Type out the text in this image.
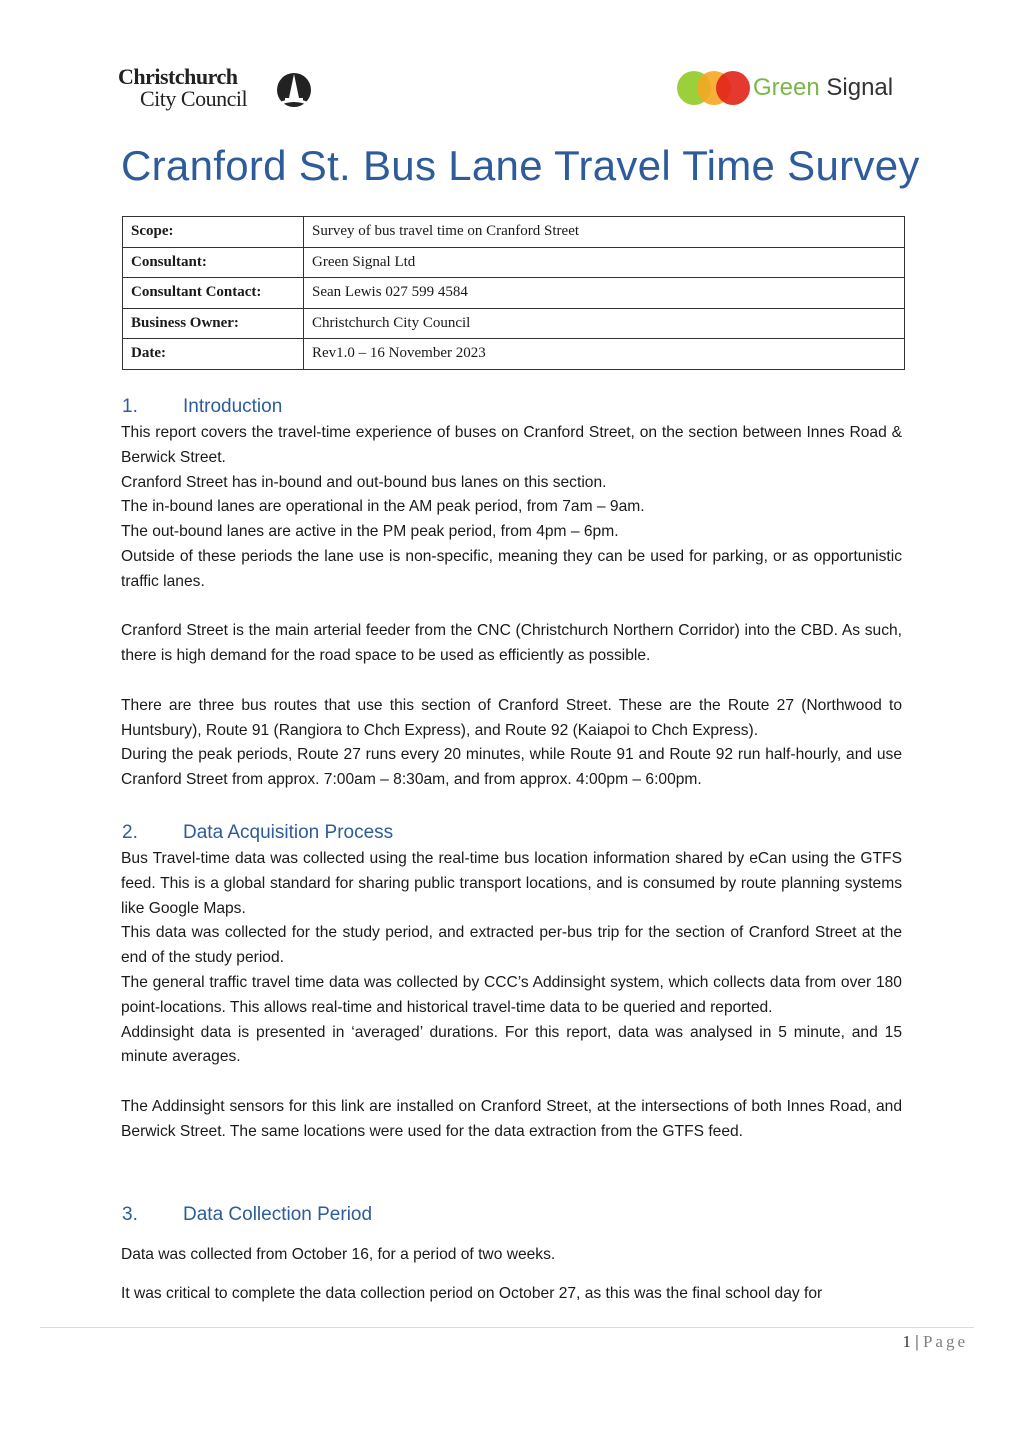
Christchurch
City Council	Green Signal
Cranford St. Bus Lane Travel Time Survey
Scope:	Survey of bus travel time on Cranford Street
Consultant:	Green Signal Ltd
Consultant Contact:	Sean Lewis 027 599 4584
Business Owner:	Christchurch City Council
Date:	Rev1.0 – 16 November 2023
1. Introduction

This report covers the travel-time experience of buses on Cranford Street, on the section between Innes Road & Berwick Street.

Cranford Street has in-bound and out-bound bus lanes on this section.

The in-bound lanes are operational in the AM peak period, from 7am – 9am.

The out-bound lanes are active in the PM peak period, from 4pm – 6pm.

Outside of these periods the lane use is non-specific, meaning they can be used for parking, or as opportunistic traffic lanes.

Cranford Street is the main arterial feeder from the CNC (Christchurch Northern Corridor) into the CBD. As such, there is high demand for the road space to be used as efficiently as possible.

There are three bus routes that use this section of Cranford Street. These are the Route 27 (Northwood to Huntsbury), Route 91 (Rangiora to Chch Express), and Route 92 (Kaiapoi to Chch Express).

During the peak periods, Route 27 runs every 20 minutes, while Route 91 and Route 92 run half-hourly, and use Cranford Street from approx. 7:00am – 8:30am, and from approx. 4:00pm – 6:00pm.

2. Data Acquisition Process

Bus Travel-time data was collected using the real-time bus location information shared by eCan using the GTFS feed. This is a global standard for sharing public transport locations, and is consumed by route planning systems like Google Maps.

This data was collected for the study period, and extracted per-bus trip for the section of Cranford Street at the end of the study period.

The general traffic travel time data was collected by CCC’s Addinsight system, which collects data from over 180 point-locations. This allows real-time and historical travel-time data to be queried and reported.

Addinsight data is presented in ‘averaged’ durations. For this report, data was analysed in 5 minute, and 15 minute averages.

The Addinsight sensors for this link are installed on Cranford Street, at the intersections of both Innes Road, and Berwick Street. The same locations were used for the data extraction from the GTFS feed.

3. Data Collection Period

Data was collected from October 16, for a period of two weeks.

It was critical to complete the data collection period on October 27, as this was the final school day for

1 | Page
